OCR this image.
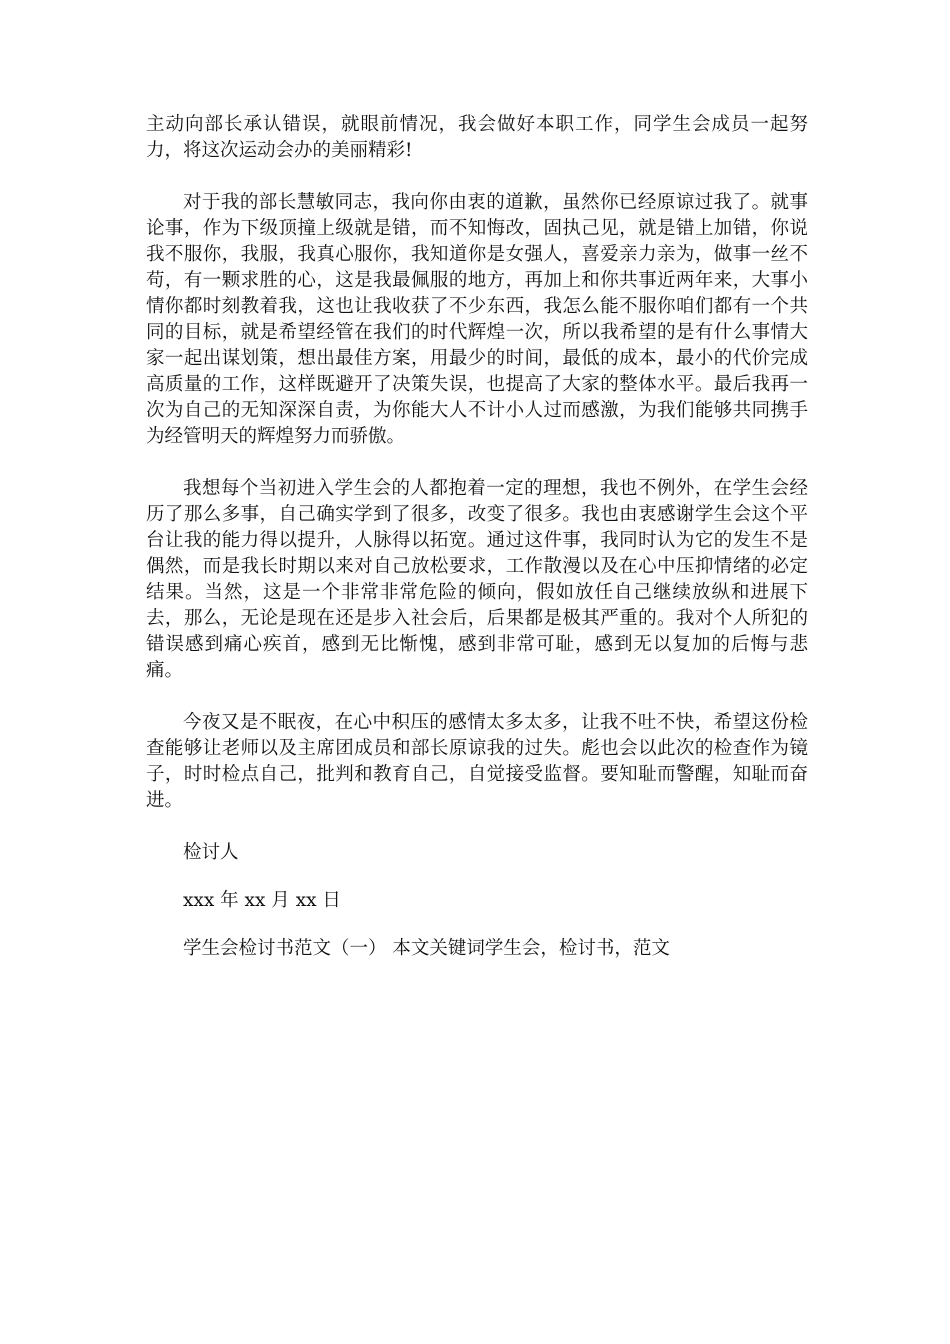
主动向部长承认错误，就眼前情况，我会做好本职工作，同学生会成员一起努力，将这次运动会办的美丽精彩!

对于我的部长慧敏同志，我向你由衷的道歉，虽然你已经原谅过我了。就事论事，作为下级顶撞上级就是错，而不知悔改，固执己见，就是错上加错，你说我不服你，我服，我真心服你，我知道你是女强人，喜爱亲力亲为，做事一丝不苟，有一颗求胜的心，这是我最佩服的地方，再加上和你共事近两年来，大事小情你都时刻教着我，这也让我收获了不少东西，我怎么能不服你咱们都有一个共同的目标，就是希望经管在我们的时代辉煌一次，所以我希望的是有什么事情大家一起出谋划策，想出最佳方案，用最少的时间，最低的成本，最小的代价完成高质量的工作，这样既避开了决策失误，也提高了大家的整体水平。最后我再一次为自己的无知深深自责，为你能大人不计小人过而感激，为我们能够共同携手为经管明天的辉煌努力而骄傲。

我想每个当初进入学生会的人都抱着一定的理想，我也不例外，在学生会经历了那么多事，自己确实学到了很多，改变了很多。我也由衷感谢学生会这个平台让我的能力得以提升，人脉得以拓宽。通过这件事，我同时认为它的发生不是偶然，而是我长时期以来对自己放松要求，工作散漫以及在心中压抑情绪的必定结果。当然，这是一个非常非常危险的倾向，假如放任自己继续放纵和进展下去，那么，无论是现在还是步入社会后，后果都是极其严重的。我对个人所犯的错误感到痛心疾首，感到无比惭愧，感到非常可耻，感到无以复加的后悔与悲痛。

今夜又是不眠夜，在心中积压的感情太多太多，让我不吐不快，希望这份检查能够让老师以及主席团成员和部长原谅我的过失。彪也会以此次的检查作为镜子，时时检点自己，批判和教育自己，自觉接受监督。要知耻而警醒，知耻而奋进。

检讨人
xxx 年 xx 月 xx 日
学生会检讨书范文（一） 本文关键词学生会，检讨书，范文
